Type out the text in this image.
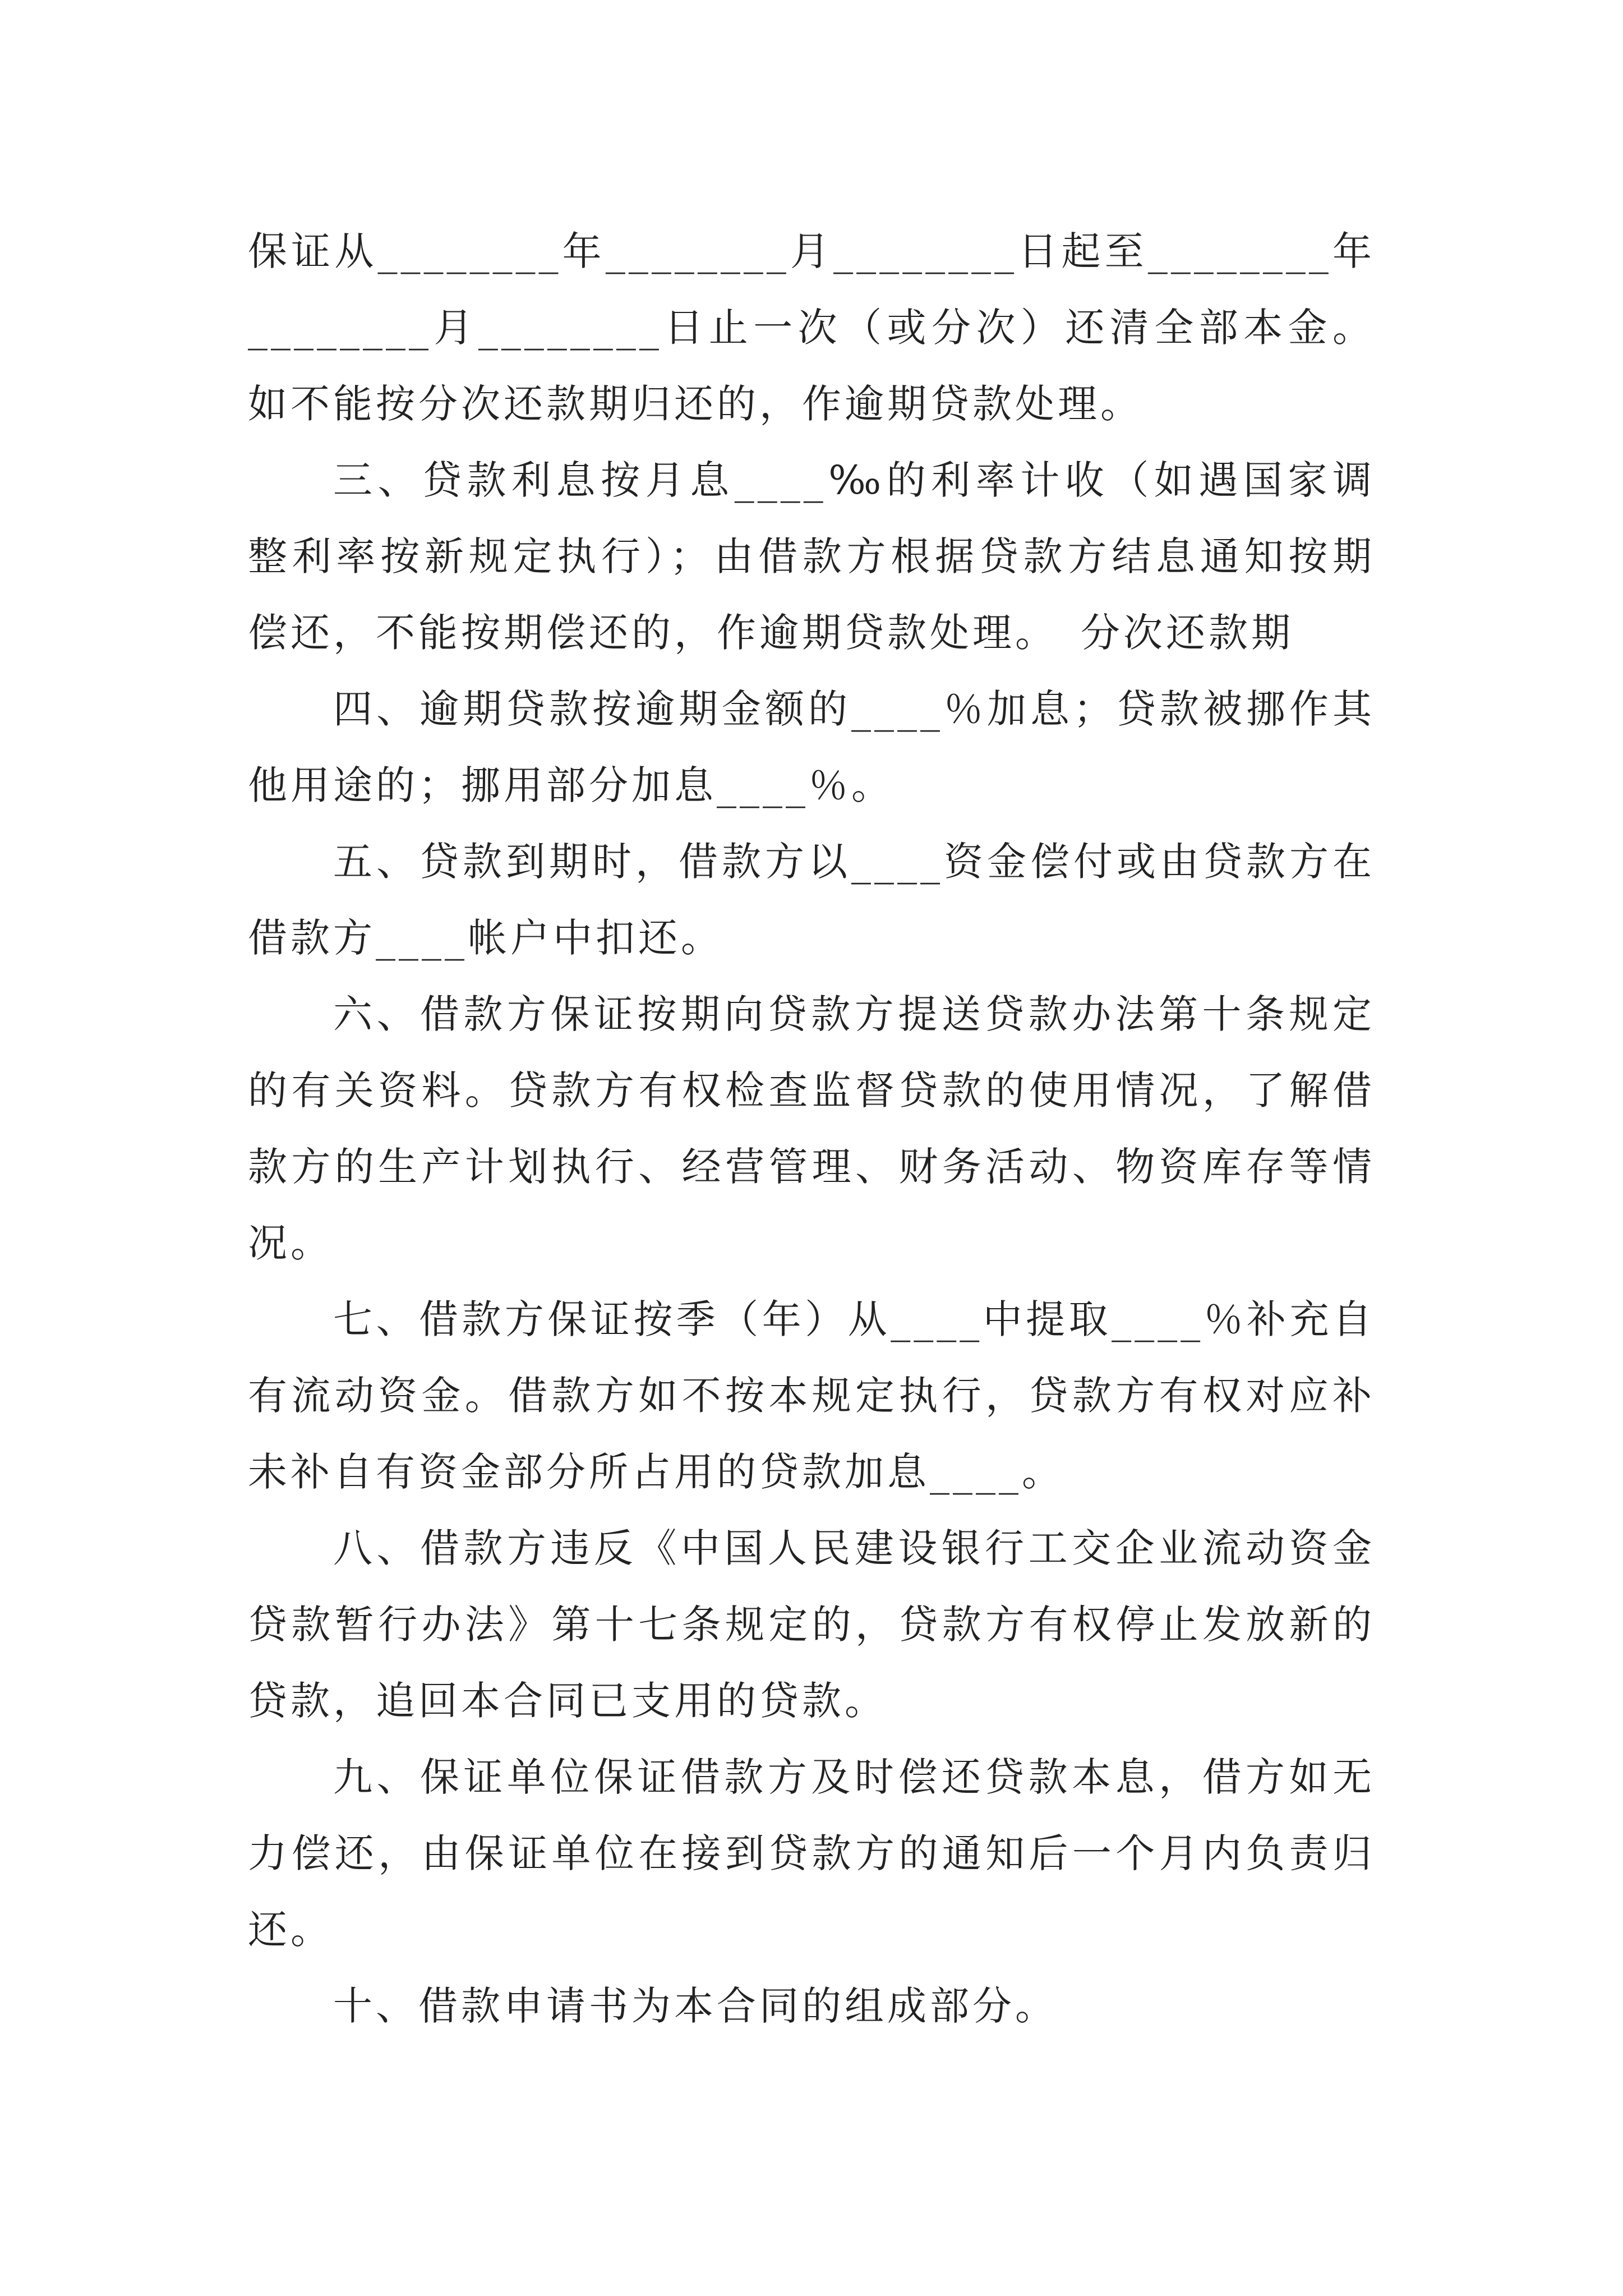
保证从________年________月________日起至________年________月________日止一次（或分次）还清全部本金。如不能按分次还款期归还的，作逾期贷款处理。

三、贷款利息按月息____‰的利率计收（如遇国家调整利率按新规定执行）；由借款方根据贷款方结息通知按期偿还，不能按期偿还的，作逾期贷款处理。　分次还款期

四、逾期贷款按逾期金额的____％加息；贷款被挪作其他用途的；挪用部分加息____％。

五、贷款到期时，借款方以____资金偿付或由贷款方在借款方____帐户中扣还。

六、借款方保证按期向贷款方提送贷款办法第十条规定的有关资料。贷款方有权检查监督贷款的使用情况，了解借款方的生产计划执行、经营管理、财务活动、物资库存等情况。

七、借款方保证按季（年）从____中提取____％补充自有流动资金。借款方如不按本规定执行，贷款方有权对应补未补自有资金部分所占用的贷款加息____。

八、借款方违反《中国人民建设银行工交企业流动资金贷款暂行办法》第十七条规定的，贷款方有权停止发放新的贷款，追回本合同已支用的贷款。

九、保证单位保证借款方及时偿还贷款本息，借方如无力偿还，由保证单位在接到贷款方的通知后一个月内负责归还。

十、借款申请书为本合同的组成部分。
